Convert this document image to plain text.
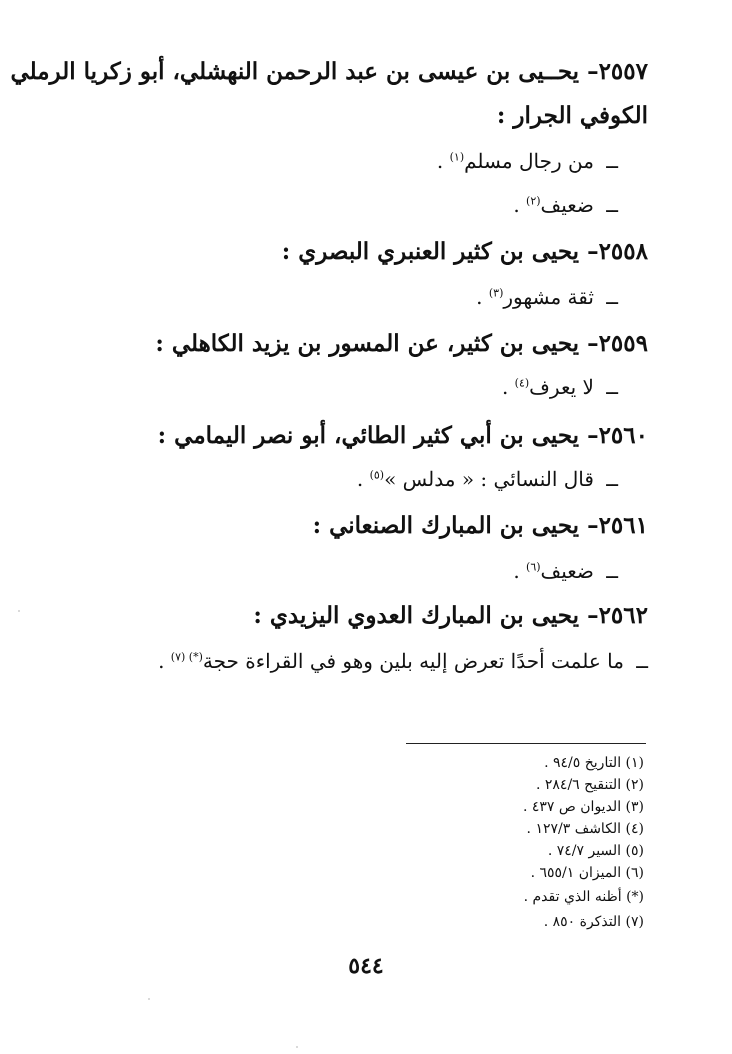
٢٥٥٧– يحــيى بن عيسى بن عبد الرحمن النهشلي، أبو زكريا الرملي
الكوفي الجرار :
ــ من رجال مسلم$^{(١)}$ .
ــ ضعيف$^{(٢)}$ .
٢٥٥٨– يحيى بن كثير العنبري البصري :
ــ ثقة مشهور$^{(٣)}$ .
٢٥٥٩– يحيى بن كثير، عن المسور بن يزيد الكاهلي :
ــ لا يعرف$^{(٤)}$ .
٢٥٦٠– يحيى بن أبي كثير الطائي، أبو نصر اليمامي :
ــ قال النسائي : « مدلس »$^{(٥)}$ .
٢٥٦١– يحيى بن المبارك الصنعاني :
ــ ضعيف$^{(٦)}$ .
٢٥٦٢– يحيى بن المبارك العدوي اليزيدي :
ــ ما علمت أحدًا تعرض إليه بلين وهو في القراءة حجة$^{(*) (٧)}$ .
(١) التاريخ ٩٤/٥ .
(٢) التنقيح ٢٨٤/٦ .
(٣) الديوان ص ٤٣٧ .
(٤) الكاشف ١٢٧/٣ .
(٥) السير ٧٤/٧ .
(٦) الميزان ٦٥٥/١ .
(*) أظنه الذي تقدم .
(٧) التذكرة ٨٥٠ .
٥٤٤
